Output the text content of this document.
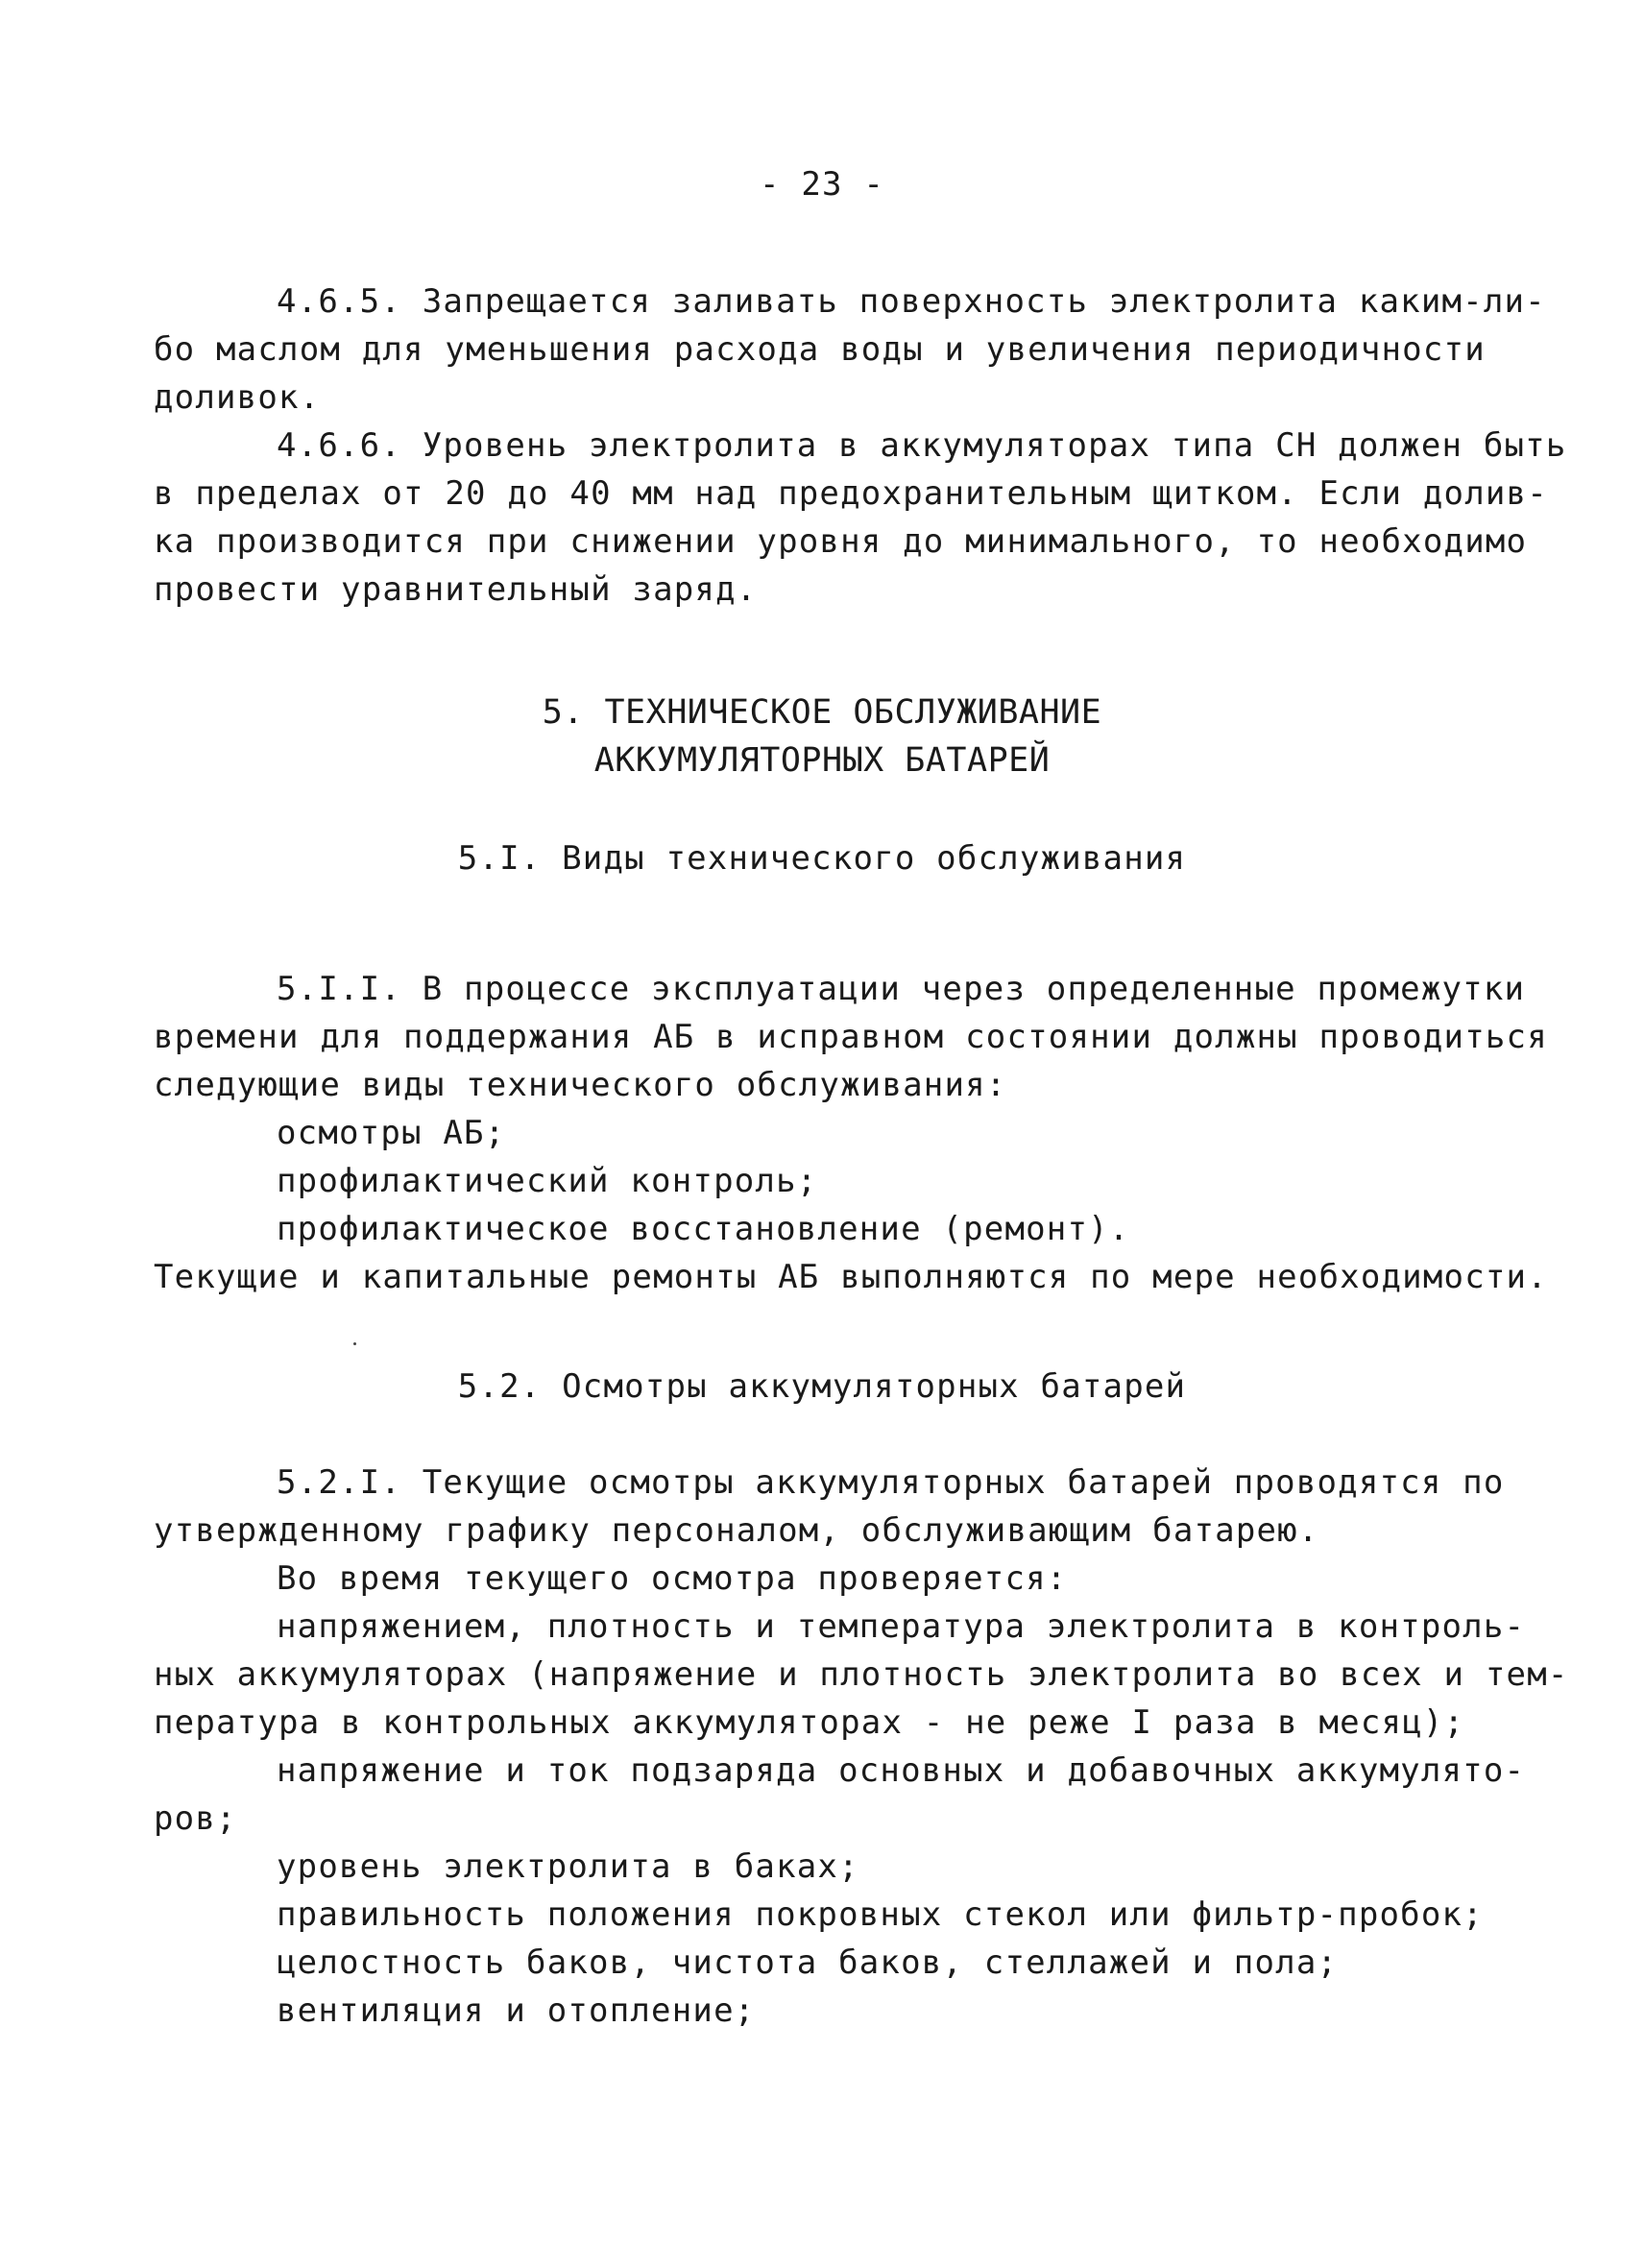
- 23 -
4.6.5. Запрещается заливать поверхность электролита каким-ли-
бо маслом для уменьшения расхода воды и увеличения периодичности
доливок.
4.6.6. Уровень электролита в аккумуляторах типа СН должен быть
в пределах от 20 до 40 мм над предохранительным щитком. Если долив-
ка производится при снижении уровня до минимального, то необходимо
провести уравнительный заряд.
5. ТЕХНИЧЕСКОЕ ОБСЛУЖИВАНИЕ
АККУМУЛЯТОРНЫХ БАТАРЕЙ
5.I. Виды технического обслуживания
5.I.I. В процессе эксплуатации через определенные промежутки
времени для поддержания АБ в исправном состоянии должны проводиться
следующие виды технического обслуживания:
осмотры АБ;
профилактический контроль;
профилактическое восстановление (ремонт).
Текущие и капитальные ремонты АБ выполняются по мере необходимости.
5.2. Осмотры аккумуляторных батарей
5.2.I. Текущие осмотры аккумуляторных батарей проводятся по
утвержденному графику персоналом, обслуживающим батарею.
Во время текущего осмотра проверяется:
напряжением, плотность и температура электролита в контроль-
ных аккумуляторах (напряжение и плотность электролита во всех и тем-
пература в контрольных аккумуляторах - не реже I раза в месяц);
напряжение и ток подзаряда основных и добавочных аккумулято-
ров;
уровень электролита в баках;
правильность положения покровных стекол или фильтр-пробок;
целостность баков, чистота баков, стеллажей и пола;
вентиляция и отопление;
